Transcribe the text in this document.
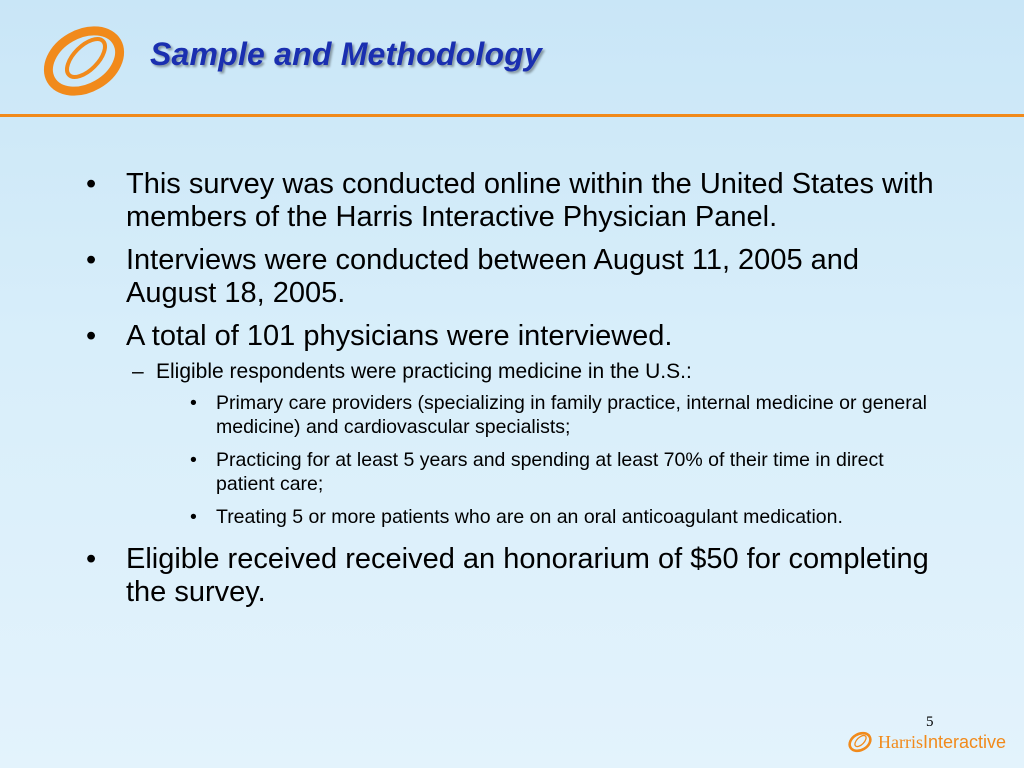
Sample and Methodology
• This survey was conducted online within the United States with members of the Harris Interactive Physician Panel.
• Interviews were conducted between August 11, 2005 and August 18, 2005.
• A total of 101 physicians were interviewed.
– Eligible respondents were practicing medicine in the U.S.:
• Primary care providers (specializing in family practice, internal medicine or general medicine) and cardiovascular specialists;
• Practicing for at least 5 years and spending at least 70% of their time in direct patient care;
• Treating 5 or more patients who are on an oral anticoagulant medication.
• Eligible received received an honorarium of $50 for completing the survey.
5
HarrisInteractive
